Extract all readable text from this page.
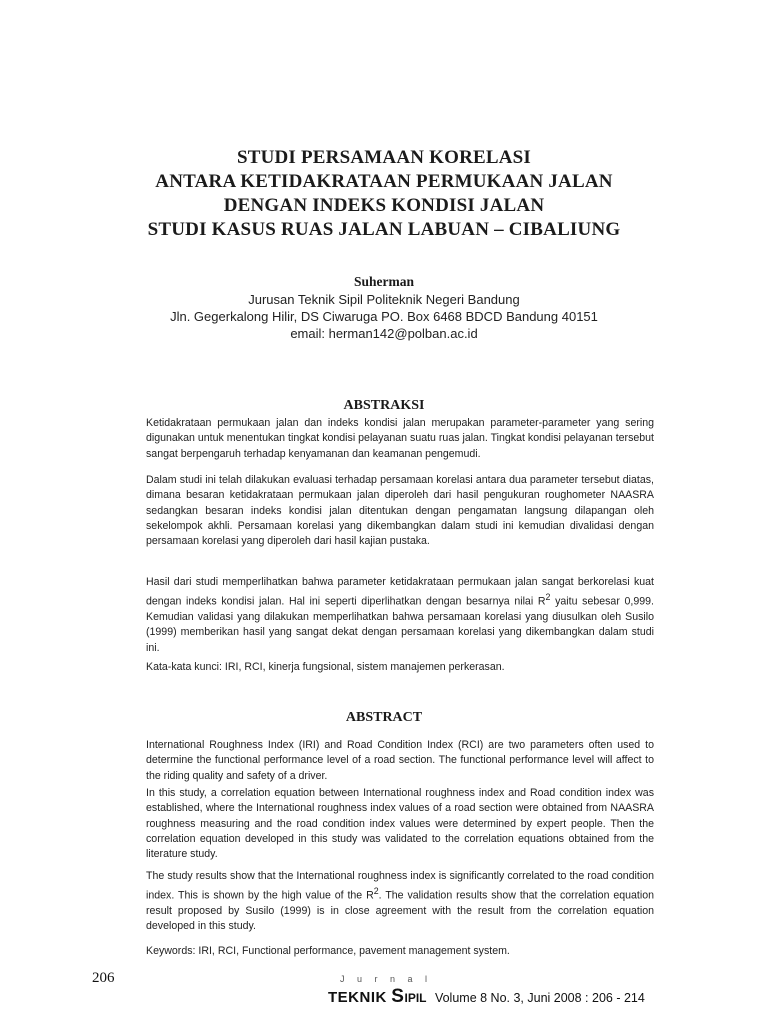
STUDI PERSAMAAN KORELASI
ANTARA KETIDAKRATAAN PERMUKAAN JALAN
DENGAN INDEKS KONDISI JALAN
STUDI KASUS RUAS JALAN LABUAN – CIBALIUNG
Suherman
Jurusan Teknik Sipil Politeknik Negeri Bandung
Jln. Gegerkalong Hilir, DS Ciwaruga PO. Box 6468 BDCD Bandung 40151
email: herman142@polban.ac.id
ABSTRAKSI
Ketidakrataan permukaan jalan dan indeks kondisi jalan merupakan parameter-parameter yang sering digunakan untuk menentukan tingkat kondisi pelayanan suatu ruas jalan. Tingkat kondisi pelayanan tersebut sangat berpengaruh terhadap kenyamanan dan keamanan pengemudi.
Dalam studi ini telah dilakukan evaluasi terhadap persamaan korelasi antara dua parameter tersebut diatas, dimana besaran ketidakrataan permukaan jalan diperoleh dari hasil pengukuran roughometer NAASRA sedangkan besaran indeks kondisi jalan ditentukan dengan pengamatan langsung dilapangan oleh sekelompok akhli. Persamaan korelasi yang dikembangkan dalam studi ini kemudian divalidasi dengan persamaan korelasi yang diperoleh dari hasil kajian pustaka.
Hasil dari studi memperlihatkan bahwa parameter ketidakrataan permukaan jalan sangat berkorelasi kuat dengan indeks kondisi jalan. Hal ini seperti diperlihatkan dengan besarnya nilai $R^2$ yaitu sebesar 0,999. Kemudian validasi yang dilakukan memperlihatkan bahwa persamaan korelasi yang diusulkan oleh Susilo (1999) memberikan hasil yang sangat dekat dengan persamaan korelasi yang dikembangkan dalam studi ini.
Kata-kata kunci: IRI, RCI, kinerja fungsional, sistem manajemen perkerasan.
ABSTRACT
International Roughness Index (IRI) and Road Condition Index (RCI) are two parameters often used to determine the functional performance level of a road section. The functional performance level will affect to the riding quality and safety of a driver.
In this study, a correlation equation between International roughness index and Road condition index was established, where the International roughness index values of a road section were obtained from NAASRA roughness measuring and the road condition index values were determined by expert people. Then the correlation equation developed in this study was validated to the correlation equations obtained from the literature study.
The study results show that the International roughness index is significantly correlated to the road condition index. This is shown by the high value of the $R^2$. The validation results show that the correlation equation result proposed by Susilo (1999) is in close agreement with the result from the correlation equation developed in this study.
Keywords: IRI, RCI, Functional performance, pavement management system.
206	J u r n a l
TEKNIK SIPIL Volume 8 No. 3, Juni 2008 : 206 - 214
